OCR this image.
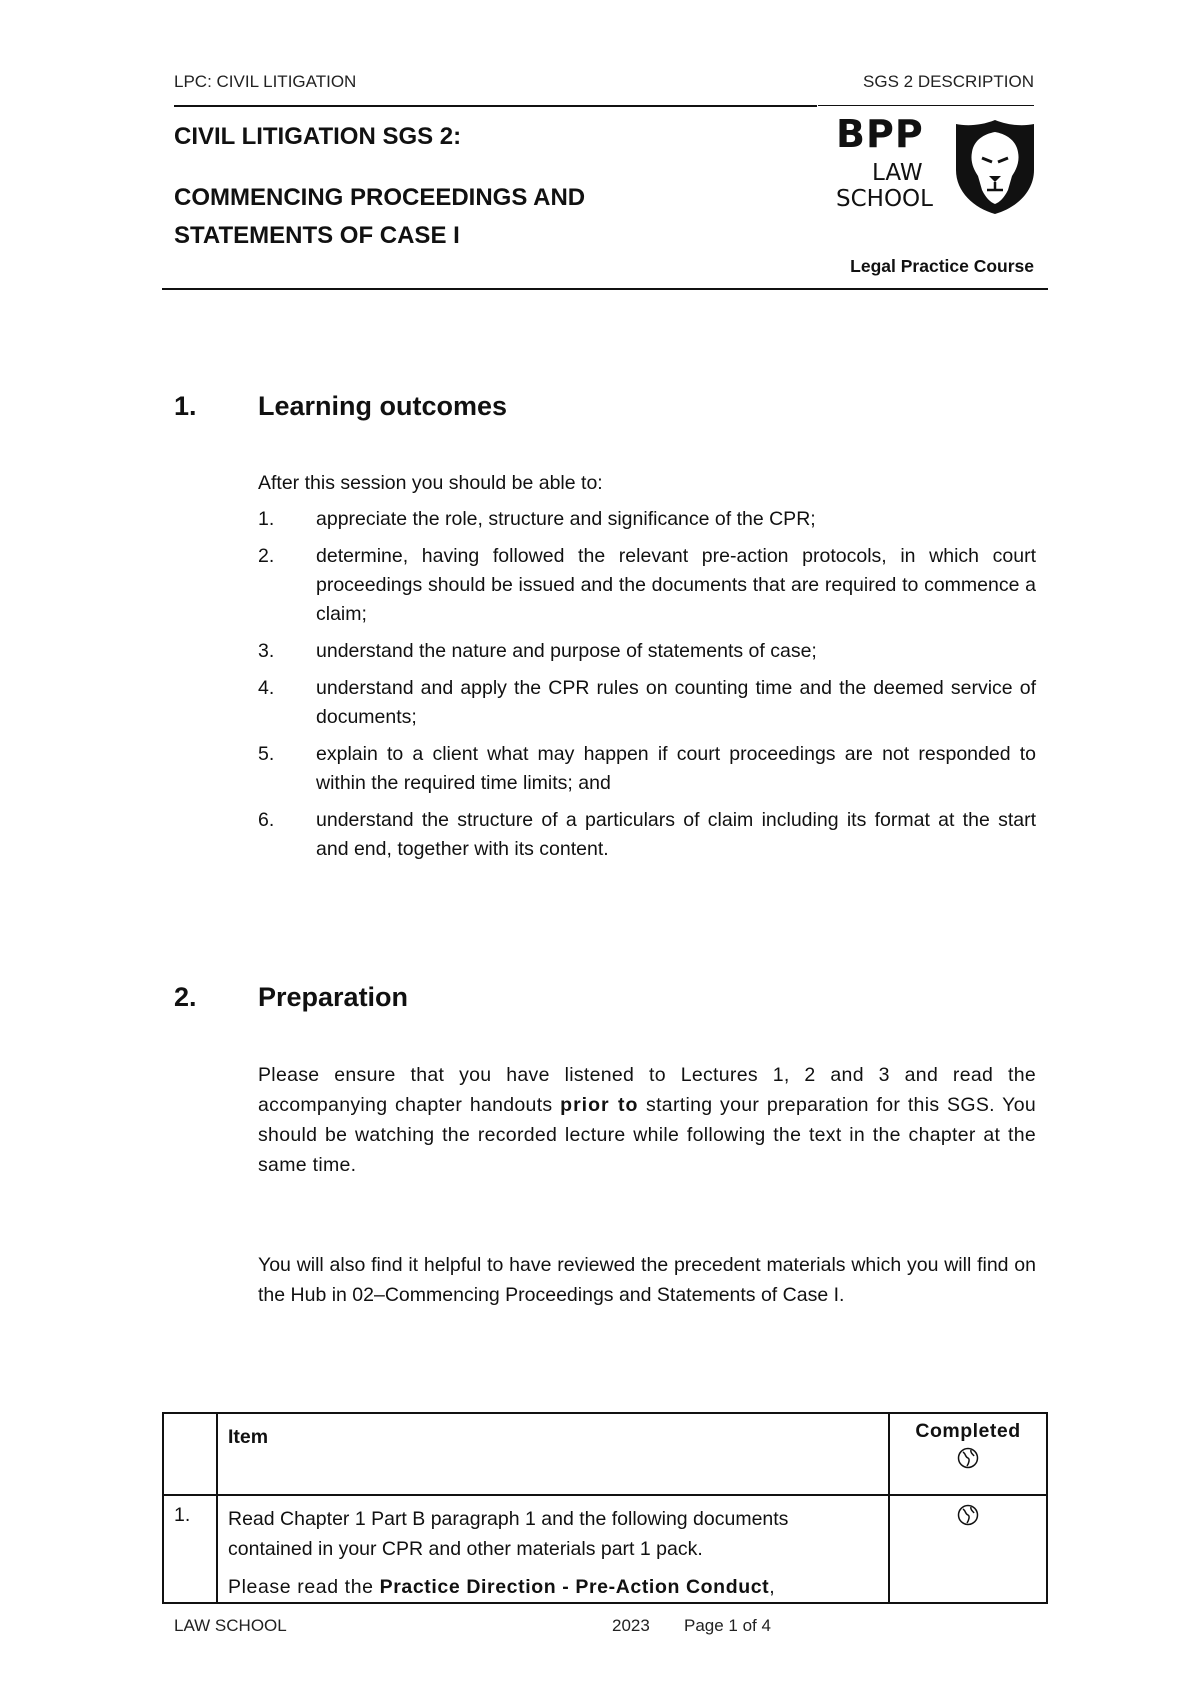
LPC: CIVIL LITIGATION	SGS 2 DESCRIPTION
CIVIL LITIGATION SGS 2:
COMMENCING PROCEEDINGS AND
STATEMENTS OF CASE I
BPP
LAW
SCHOOL
Legal Practice Course
1. Learning outcomes
After this session you should be able to:
1. appreciate the role, structure and significance of the CPR;
2. determine, having followed the relevant pre-action protocols, in which court proceedings should be issued and the documents that are required to commence a claim;
3. understand the nature and purpose of statements of case;
4. understand and apply the CPR rules on counting time and the deemed service of documents;
5. explain to a client what may happen if court proceedings are not responded to within the required time limits; and
6. understand the structure of a particulars of claim including its format at the start and end, together with its content.
2. Preparation
Please ensure that you have listened to Lectures 1, 2 and 3 and read the accompanying chapter handouts prior to starting your preparation for this SGS. You should be watching the recorded lecture while following the text in the chapter at the same time.
You will also find it helpful to have reviewed the precedent materials which you will find on the Hub in 02–Commencing Proceedings and Statements of Case I.
	Item	Completed

1.	Read Chapter 1 Part B paragraph 1 and the following documents contained in your CPR and other materials part 1 pack.
Please read the Practice Direction - Pre-Action Conduct,

LAW SCHOOL	2023 Page 1 of 4
